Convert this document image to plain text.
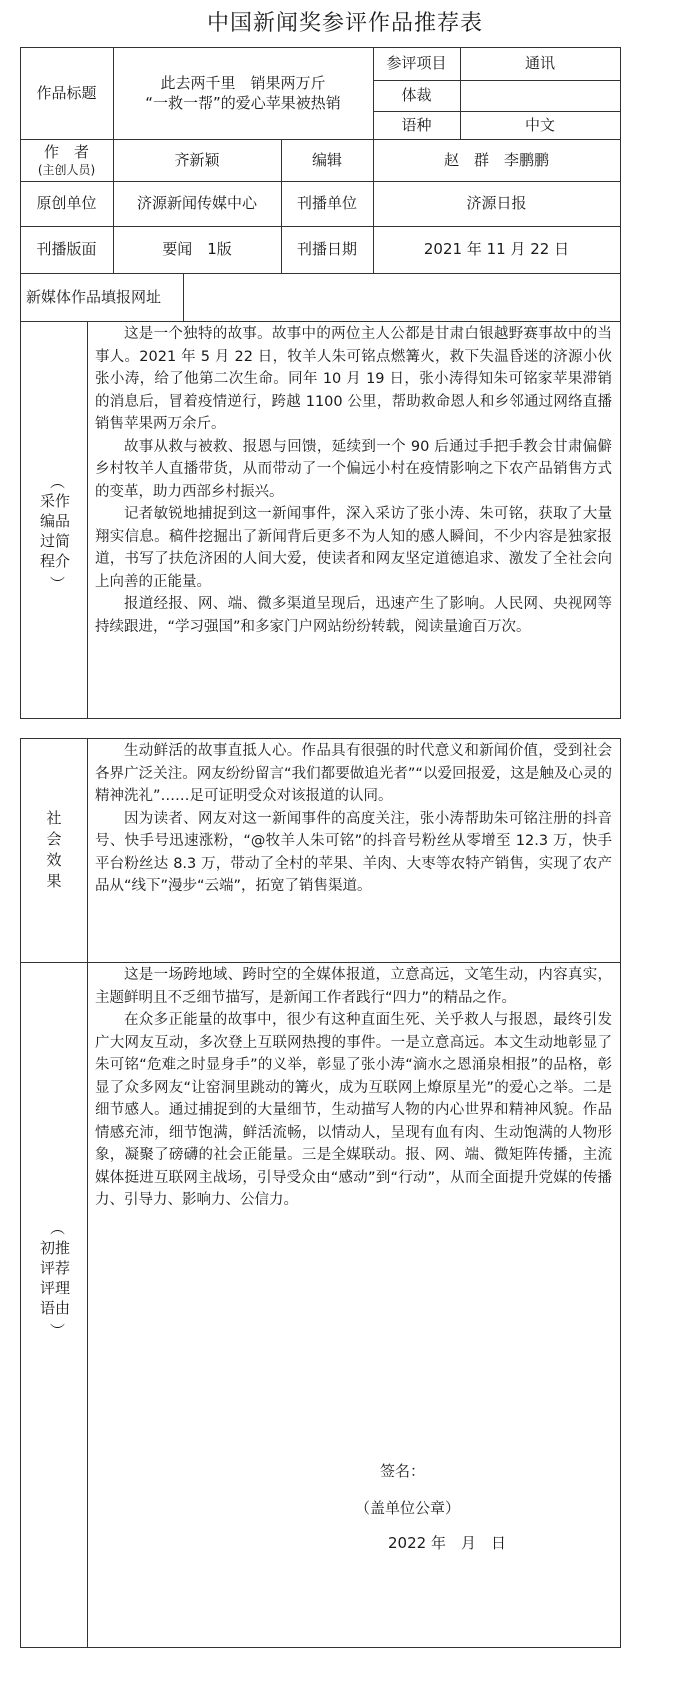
中国新闻奖参评作品推荐表
作品标题
此去两千里　销果两万斤
“一救一帮”的爱心苹果被热销
参评项目	通讯
体裁
语种	中文
作　者
(主创人员)
齐新颖	编辑	赵　群　李鹏鹏
原创单位	济源新闻传媒中心	刊播单位	济源日报
刊播版面	要闻　1版	刊播日期	2021 年 11 月 22 日
新媒体作品填报网址
︵
采作
编品
过简
程介
︶

这是一个独特的故事。故事中的两位主人公都是甘肃白银越野赛事故中的当事人。2021 年 5 月 22 日，牧羊人朱可铭点燃篝火，救下失温昏迷的济源小伙张小涛，给了他第二次生命。同年 10 月 19 日，张小涛得知朱可铭家苹果滞销的消息后，冒着疫情逆行，跨越 1100 公里，帮助救命恩人和乡邻通过网络直播销售苹果两万余斤。

故事从救与被救、报恩与回馈，延续到一个 90 后通过手把手教会甘肃偏僻乡村牧羊人直播带货，从而带动了一个偏远小村在疫情影响之下农产品销售方式的变革，助力西部乡村振兴。

记者敏锐地捕捉到这一新闻事件，深入采访了张小涛、朱可铭，获取了大量翔实信息。稿件挖掘出了新闻背后更多不为人知的感人瞬间，不少内容是独家报道，书写了扶危济困的人间大爱，使读者和网友坚定道德追求、激发了全社会向上向善的正能量。

报道经报、网、端、微多渠道呈现后，迅速产生了影响。人民网、央视网等持续跟进，“学习强国”和多家门户网站纷纷转载，阅读量逾百万次。

社
会
效
果

生动鲜活的故事直抵人心。作品具有很强的时代意义和新闻价值，受到社会各界广泛关注。网友纷纷留言“我们都要做追光者”“以爱回报爱，这是触及心灵的精神洗礼”……足可证明受众对该报道的认同。

因为读者、网友对这一新闻事件的高度关注，张小涛帮助朱可铭注册的抖音号、快手号迅速涨粉，“@牧羊人朱可铭”的抖音号粉丝从零增至 12.3 万，快手平台粉丝达 8.3 万，带动了全村的苹果、羊肉、大枣等农特产销售，实现了农产品从“线下”漫步“云端”，拓宽了销售渠道。

︵
初推
评荐
评理
语由
︶

这是一场跨地域、跨时空的全媒体报道，立意高远，文笔生动，内容真实，主题鲜明且不乏细节描写，是新闻工作者践行“四力”的精品之作。

在众多正能量的故事中，很少有这种直面生死、关乎救人与报恩，最终引发广大网友互动，多次登上互联网热搜的事件。一是立意高远。本文生动地彰显了朱可铭“危难之时显身手”的义举，彰显了张小涛“滴水之恩涌泉相报”的品格，彰显了众多网友“让窑洞里跳动的篝火，成为互联网上燎原星光”的爱心之举。二是细节感人。通过捕捉到的大量细节，生动描写人物的内心世界和精神风貌。作品情感充沛，细节饱满，鲜活流畅，以情动人，呈现有血有肉、生动饱满的人物形象，凝聚了磅礴的社会正能量。三是全媒联动。报、网、端、微矩阵传播，主流媒体挺进互联网主战场，引导受众由“感动”到“行动”，从而全面提升党媒的传播力、引导力、影响力、公信力。

签名：
（盖单位公章）
2022 年　月　日
